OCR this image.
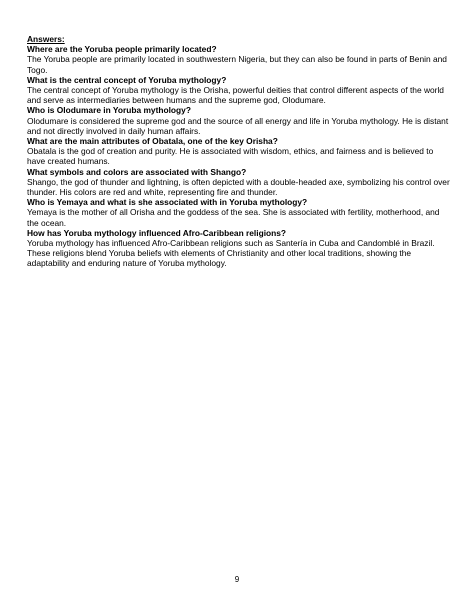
Answers:

Where are the Yoruba people primarily located?

The Yoruba people are primarily located in southwestern Nigeria, but they can also be found in parts of Benin and Togo.

What is the central concept of Yoruba mythology?

The central concept of Yoruba mythology is the Orisha, powerful deities that control different aspects of the world and serve as intermediaries between humans and the supreme god, Olodumare.

Who is Olodumare in Yoruba mythology?

Olodumare is considered the supreme god and the source of all energy and life in Yoruba mythology. He is distant and not directly involved in daily human affairs.

What are the main attributes of Obatala, one of the key Orisha?

Obatala is the god of creation and purity. He is associated with wisdom, ethics, and fairness and is believed to have created humans.

What symbols and colors are associated with Shango?

Shango, the god of thunder and lightning, is often depicted with a double-headed axe, symbolizing his control over thunder. His colors are red and white, representing fire and thunder.

Who is Yemaya and what is she associated with in Yoruba mythology?

Yemaya is the mother of all Orisha and the goddess of the sea. She is associated with fertility, motherhood, and the ocean.

How has Yoruba mythology influenced Afro-Caribbean religions?

Yoruba mythology has influenced Afro-Caribbean religions such as Santería in Cuba and Candomblé in Brazil. These religions blend Yoruba beliefs with elements of Christianity and other local traditions, showing the adaptability and enduring nature of Yoruba mythology.

9
